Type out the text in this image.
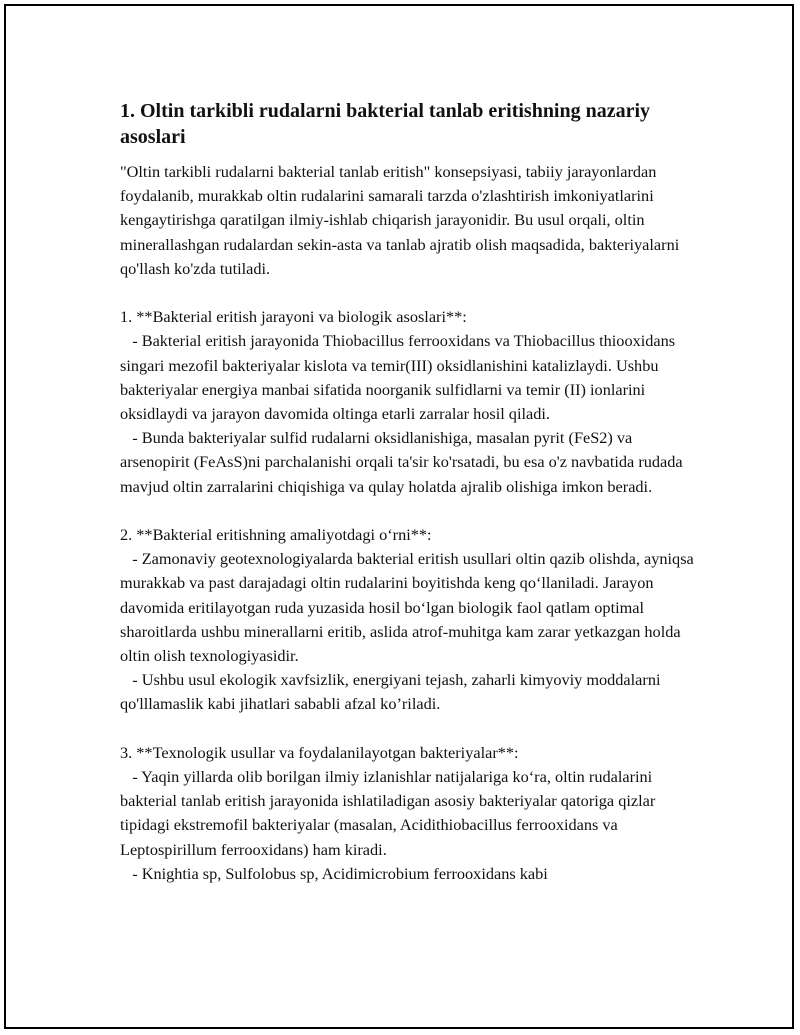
1. Oltin tarkibli rudalarni bakterial tanlab eritishning nazariy asoslari

"Oltin tarkibli rudalarni bakterial tanlab eritish" konsepsiyasi, tabiiy jarayonlardan foydalanib, murakkab oltin rudalarini samarali tarzda o'zlashtirish imkoniyatlarini kengaytirishga qaratilgan ilmiy-ishlab chiqarish jarayonidir. Bu usul orqali, oltin minerallashgan rudalardan sekin-asta va tanlab ajratib olish maqsadida, bakteriyalarni qo'llash ko'zda tutiladi.

1. **Bakterial eritish jarayoni va biologik asoslari**:

- Bakterial eritish jarayonida Thiobacillus ferrooxidans va Thiobacillus thiooxidans singari mezofil bakteriyalar kislota va temir(III) oksidlanishini katalizlaydi. Ushbu bakteriyalar energiya manbai sifatida noorganik sulfidlarni va temir (II) ionlarini oksidlaydi va jarayon davomida oltinga etarli zarralar hosil qiladi.

- Bunda bakteriyalar sulfid rudalarni oksidlanishiga, masalan pyrit (FeS2) va arsenopirit (FeAsS)ni parchalanishi orqali ta'sir ko'rsatadi, bu esa o'z navbatida rudada mavjud oltin zarralarini chiqishiga va qulay holatda ajralib olishiga imkon beradi.

2. **Bakterial eritishning amaliyotdagi o‘rni**:

- Zamonaviy geotexnologiyalarda bakterial eritish usullari oltin qazib olishda, ayniqsa murakkab va past darajadagi oltin rudalarini boyitishda keng qo‘llaniladi. Jarayon davomida eritilayotgan ruda yuzasida hosil bo‘lgan biologik faol qatlam optimal sharoitlarda ushbu minerallarni eritib, aslida atrof-muhitga kam zarar yetkazgan holda oltin olish texnologiyasidir.

- Ushbu usul ekologik xavfsizlik, energiyani tejash, zaharli kimyoviy moddalarni qo'lllamaslik kabi jihatlari sababli afzal ko’riladi.

3. **Texnologik usullar va foydalanilayotgan bakteriyalar**:

- Yaqin yillarda olib borilgan ilmiy izlanishlar natijalariga ko‘ra, oltin rudalarini bakterial tanlab eritish jarayonida ishlatiladigan asosiy bakteriyalar qatoriga qizlar tipidagi ekstremofil bakteriyalar (masalan, Acidithiobacillus ferrooxidans va Leptospirillum ferrooxidans) ham kiradi.

- Knightia sp, Sulfolobus sp, Acidimicrobium ferrooxidans kabi
